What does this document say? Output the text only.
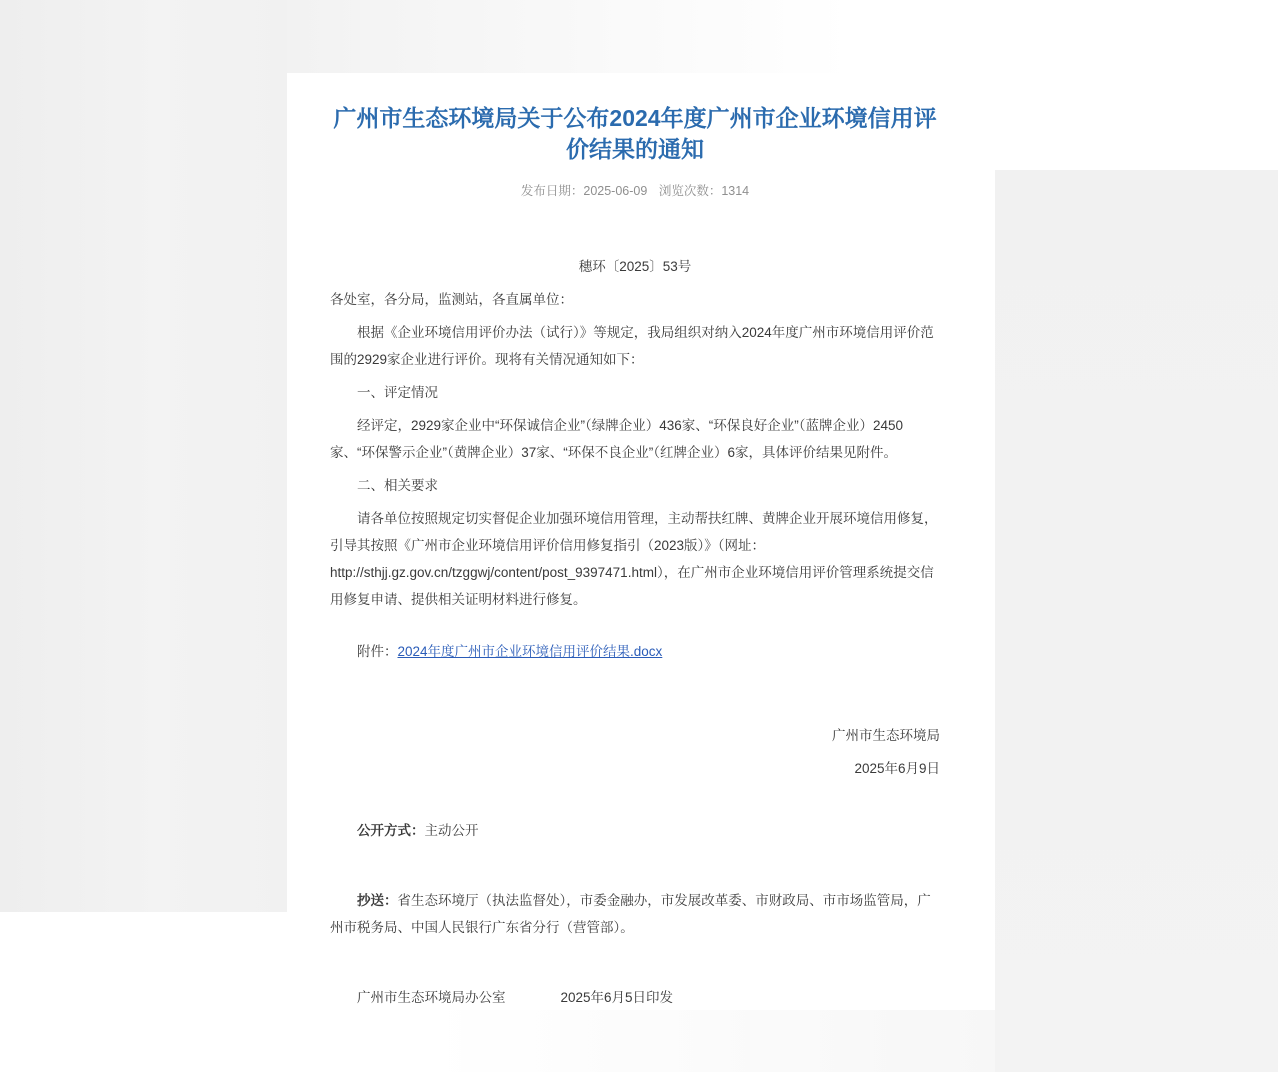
广州市生态环境局关于公布2024年度广州市企业环境信用评价结果的通知
发布日期：2025-06-09 浏览次数：1314
穗环〔2025〕53号

各处室，各分局，监测站，各直属单位：

根据《企业环境信用评价办法（试行）》等规定，我局组织对纳入2024年度广州市环境信用评价范围的2929家企业进行评价。现将有关情况通知如下：

一、评定情况

经评定，2929家企业中“环保诚信企业”（绿牌企业）436家、“环保良好企业”（蓝牌企业）2450家、“环保警示企业”（黄牌企业）37家、“环保不良企业”（红牌企业）6家，具体评价结果见附件。

二、相关要求

请各单位按照规定切实督促企业加强环境信用管理，主动帮扶红牌、黄牌企业开展环境信用修复，引导其按照《广州市企业环境信用评价信用修复指引（2023版）》（网址：http://sthjj.gz.gov.cn/tzggwj/content/post_9397471.html），在广州市企业环境信用评价管理系统提交信用修复申请、提供相关证明材料进行修复。

附件：2024年度广州市企业环境信用评价结果.docx

广州市生态环境局

2025年6月9日

公开方式：主动公开

抄送：省生态环境厅（执法监督处），市委金融办，市发展改革委、市财政局、市市场监管局，广州市税务局、中国人民银行广东省分行（营管部）。

广州市生态环境局办公室	2025年6月5日印发
